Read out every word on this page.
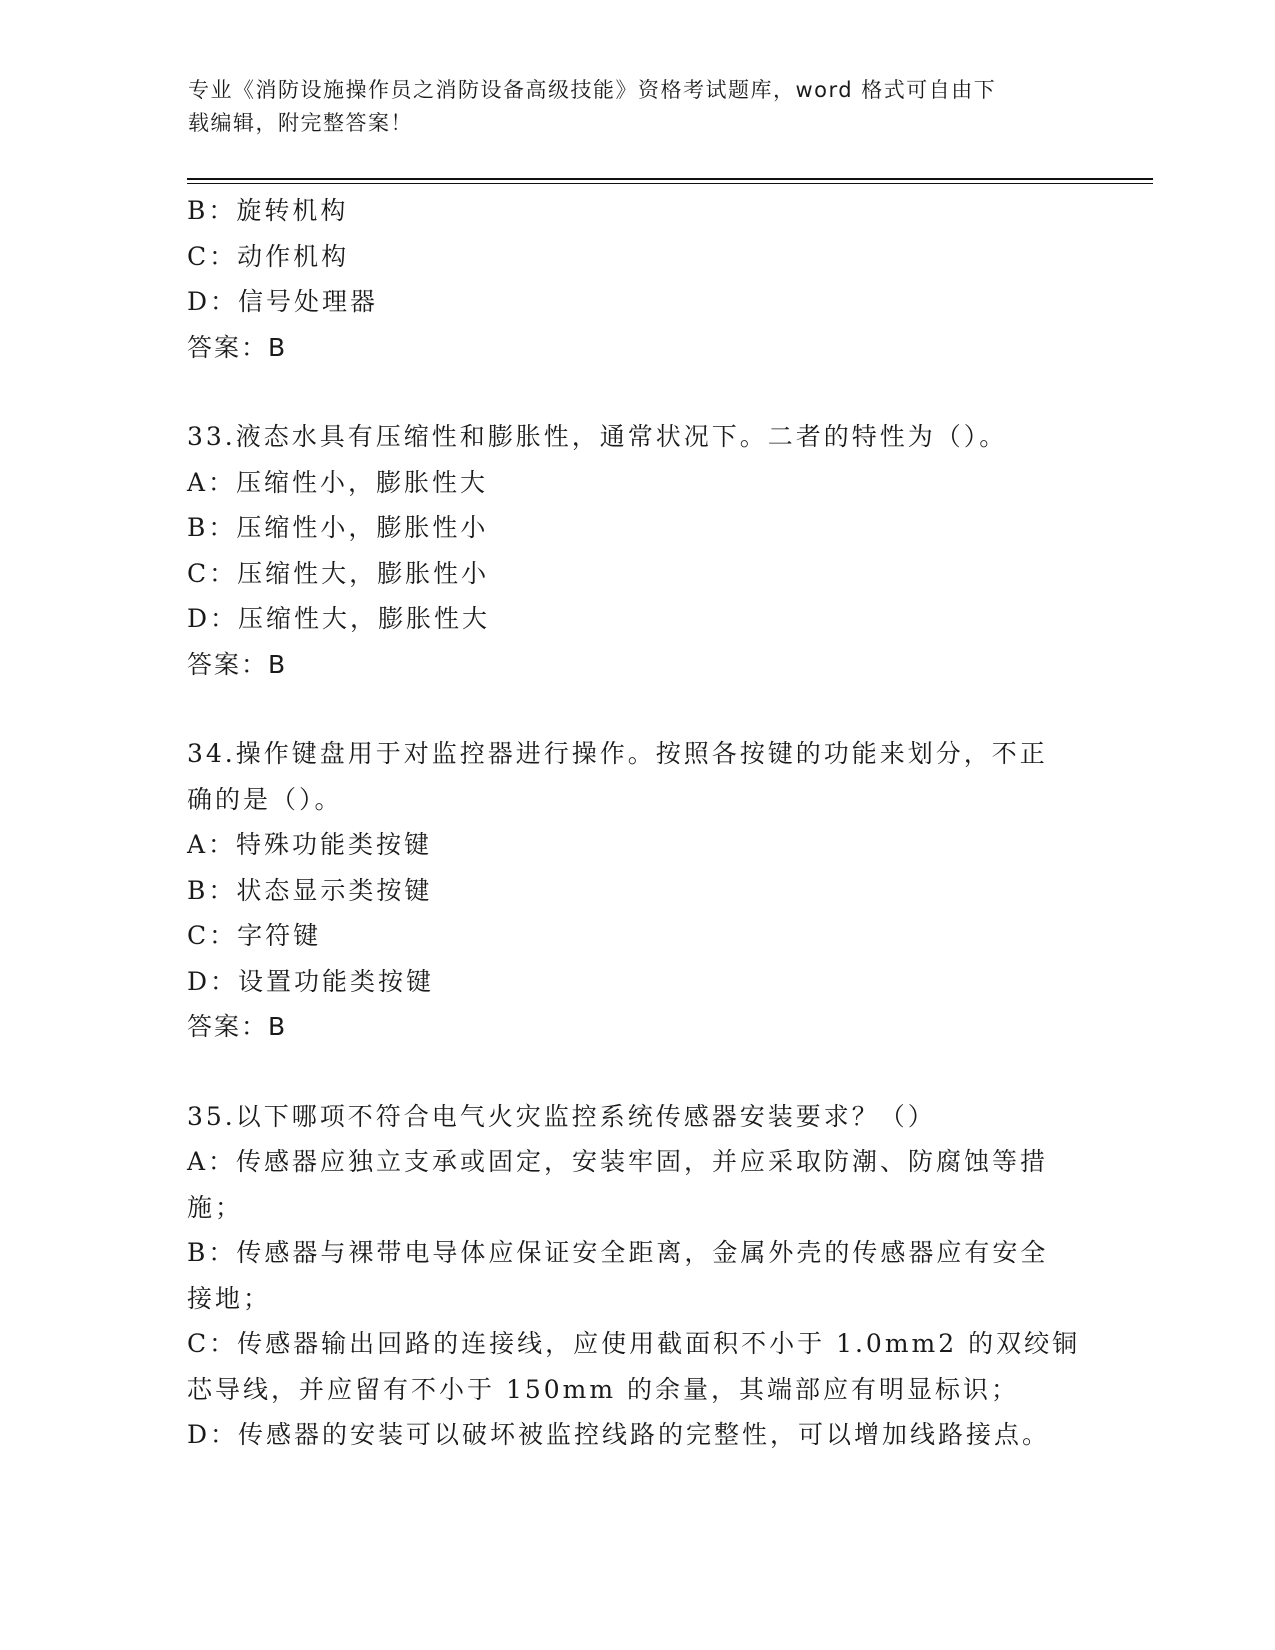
专业《消防设施操作员之消防设备高级技能》资格考试题库，word 格式可自由下
载编辑，附完整答案！
B：旋转机构
C：动作机构
D：信号处理器
答案：B
33.液态水具有压缩性和膨胀性，通常状况下。二者的特性为（）。
A：压缩性小，膨胀性大
B：压缩性小，膨胀性小
C：压缩性大，膨胀性小
D：压缩性大，膨胀性大
答案：B
34.操作键盘用于对监控器进行操作。按照各按键的功能来划分，不正
确的是（）。
A：特殊功能类按键
B：状态显示类按键
C：字符键
D：设置功能类按键
答案：B
35.以下哪项不符合电气火灾监控系统传感器安装要求？（）
A：传感器应独立支承或固定，安装牢固，并应采取防潮、防腐蚀等措
施；
B：传感器与裸带电导体应保证安全距离，金属外壳的传感器应有安全
接地；
C：传感器输出回路的连接线，应使用截面积不小于 1.0mm2 的双绞铜
芯导线，并应留有不小于 150mm 的余量，其端部应有明显标识；
D：传感器的安装可以破坏被监控线路的完整性，可以增加线路接点。
